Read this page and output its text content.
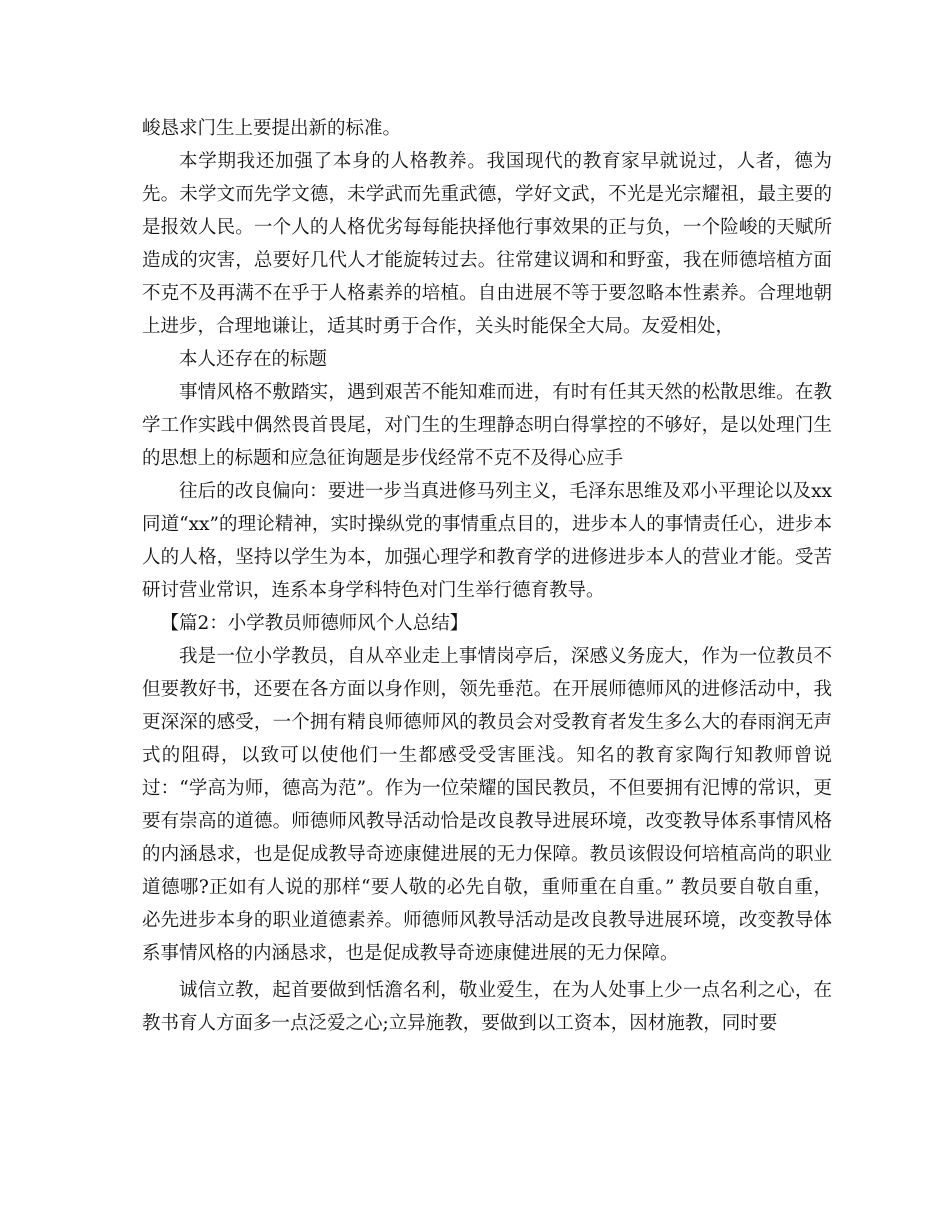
峻恳求门生上要提出新的标准。

本学期我还加强了本身的人格教养。我国现代的教育家早就说过，人者，德为先。未学文而先学文德，未学武而先重武德，学好文武，不光是光宗耀祖，最主要的是报效人民。一个人的人格优劣每每能抉择他行事效果的正与负，一个险峻的天赋所造成的灾害，总要好几代人才能旋转过去。往常建议调和和野蛮，我在师德培植方面不克不及再满不在乎于人格素养的培植。自由进展不等于要忽略本性素养。合理地朝上进步，合理地谦让，适其时勇于合作，关头时能保全大局。友爱相处，

本人还存在的标题

事情风格不敷踏实，遇到艰苦不能知难而进，有时有任其天然的松散思维。在教学工作实践中偶然畏首畏尾，对门生的生理静态明白得掌控的不够好，是以处理门生的思想上的标题和应急征询题是步伐经常不克不及得心应手

往后的改良偏向：要进一步当真进修马列主义，毛泽东思维及邓小平理论以及xx同道“xx”的理论精神，实时操纵党的事情重点目的，进步本人的事情责任心，进步本人的人格，坚持以学生为本，加强心理学和教育学的进修进步本人的营业才能。受苦研讨营业常识，连系本身学科特色对门生举行德育教导。

【篇2：小学教员师德师风个人总结】

我是一位小学教员，自从卒业走上事情岗亭后，深感义务庞大，作为一位教员不但要教好书，还要在各方面以身作则，领先垂范。在开展师德师风的进修活动中，我更深深的感受，一个拥有精良师德师风的教员会对受教育者发生多么大的春雨润无声式的阻碍，以致可以使他们一生都感受受害匪浅。知名的教育家陶行知教师曾说过：“学高为师，德高为范”。作为一位荣耀的国民教员，不但要拥有汜博的常识，更要有崇高的道德。师德师风教导活动恰是改良教导进展环境，改变教导体系事情风格的内涵恳求，也是促成教导奇迹康健进展的无力保障。教员该假设何培植高尚的职业道德哪?正如有人说的那样“要人敬的必先自敬，重师重在自重。” 教员要自敬自重，必先进步本身的职业道德素养。师德师风教导活动是改良教导进展环境，改变教导体系事情风格的内涵恳求，也是促成教导奇迹康健进展的无力保障。

诚信立教，起首要做到恬澹名利，敬业爱生，在为人处事上少一点名利之心，在教书育人方面多一点泛爱之心;立异施教，要做到以工资本，因材施教，同时要
